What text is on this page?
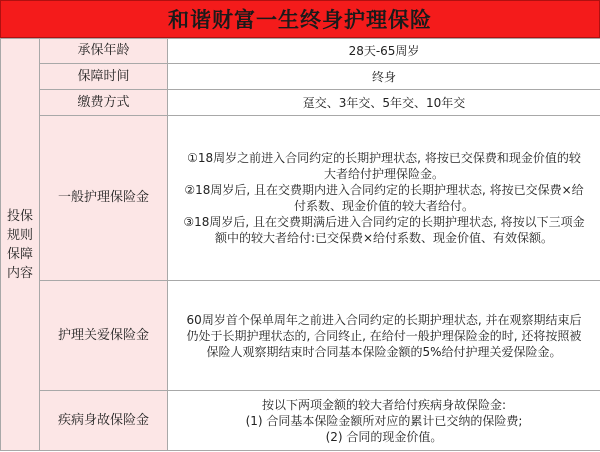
和谐财富一生终身护理保险
投保
规则
保障
内容	承保年龄	28天-65周岁

	保障时间	终身

	缴费方式	趸交、3年交、5年交、10年交

	一般护理保险金	①18周岁之前进入合同约定的长期护理状态, 将按已交保费和现金价值的较大者给付护理保险金。
②18周岁后, 且在交费期内进入合同约定的长期护理状态, 将按已交保费×给付系数、现金价值的较大者给付。
③18周岁后, 且在交费期满后进入合同约定的长期护理状态, 将按以下三项金额中的较大者给付:已交保费×给付系数、现金价值、有效保额。

	护理关爱保险金	60周岁首个保单周年之前进入合同约定的长期护理状态, 并在观察期结束后仍处于长期护理状态的, 合同终止, 在给付一般护理保险金的时, 还将按照被保险人观察期结束时合同基本保险金额的5%给付护理关爱保险金。

	疾病身故保险金	按以下两项金额的较大者给付疾病身故保险金:
(1) 合同基本保险金额所对应的累计已交纳的保险费;
(2) 合同的现金价值。
